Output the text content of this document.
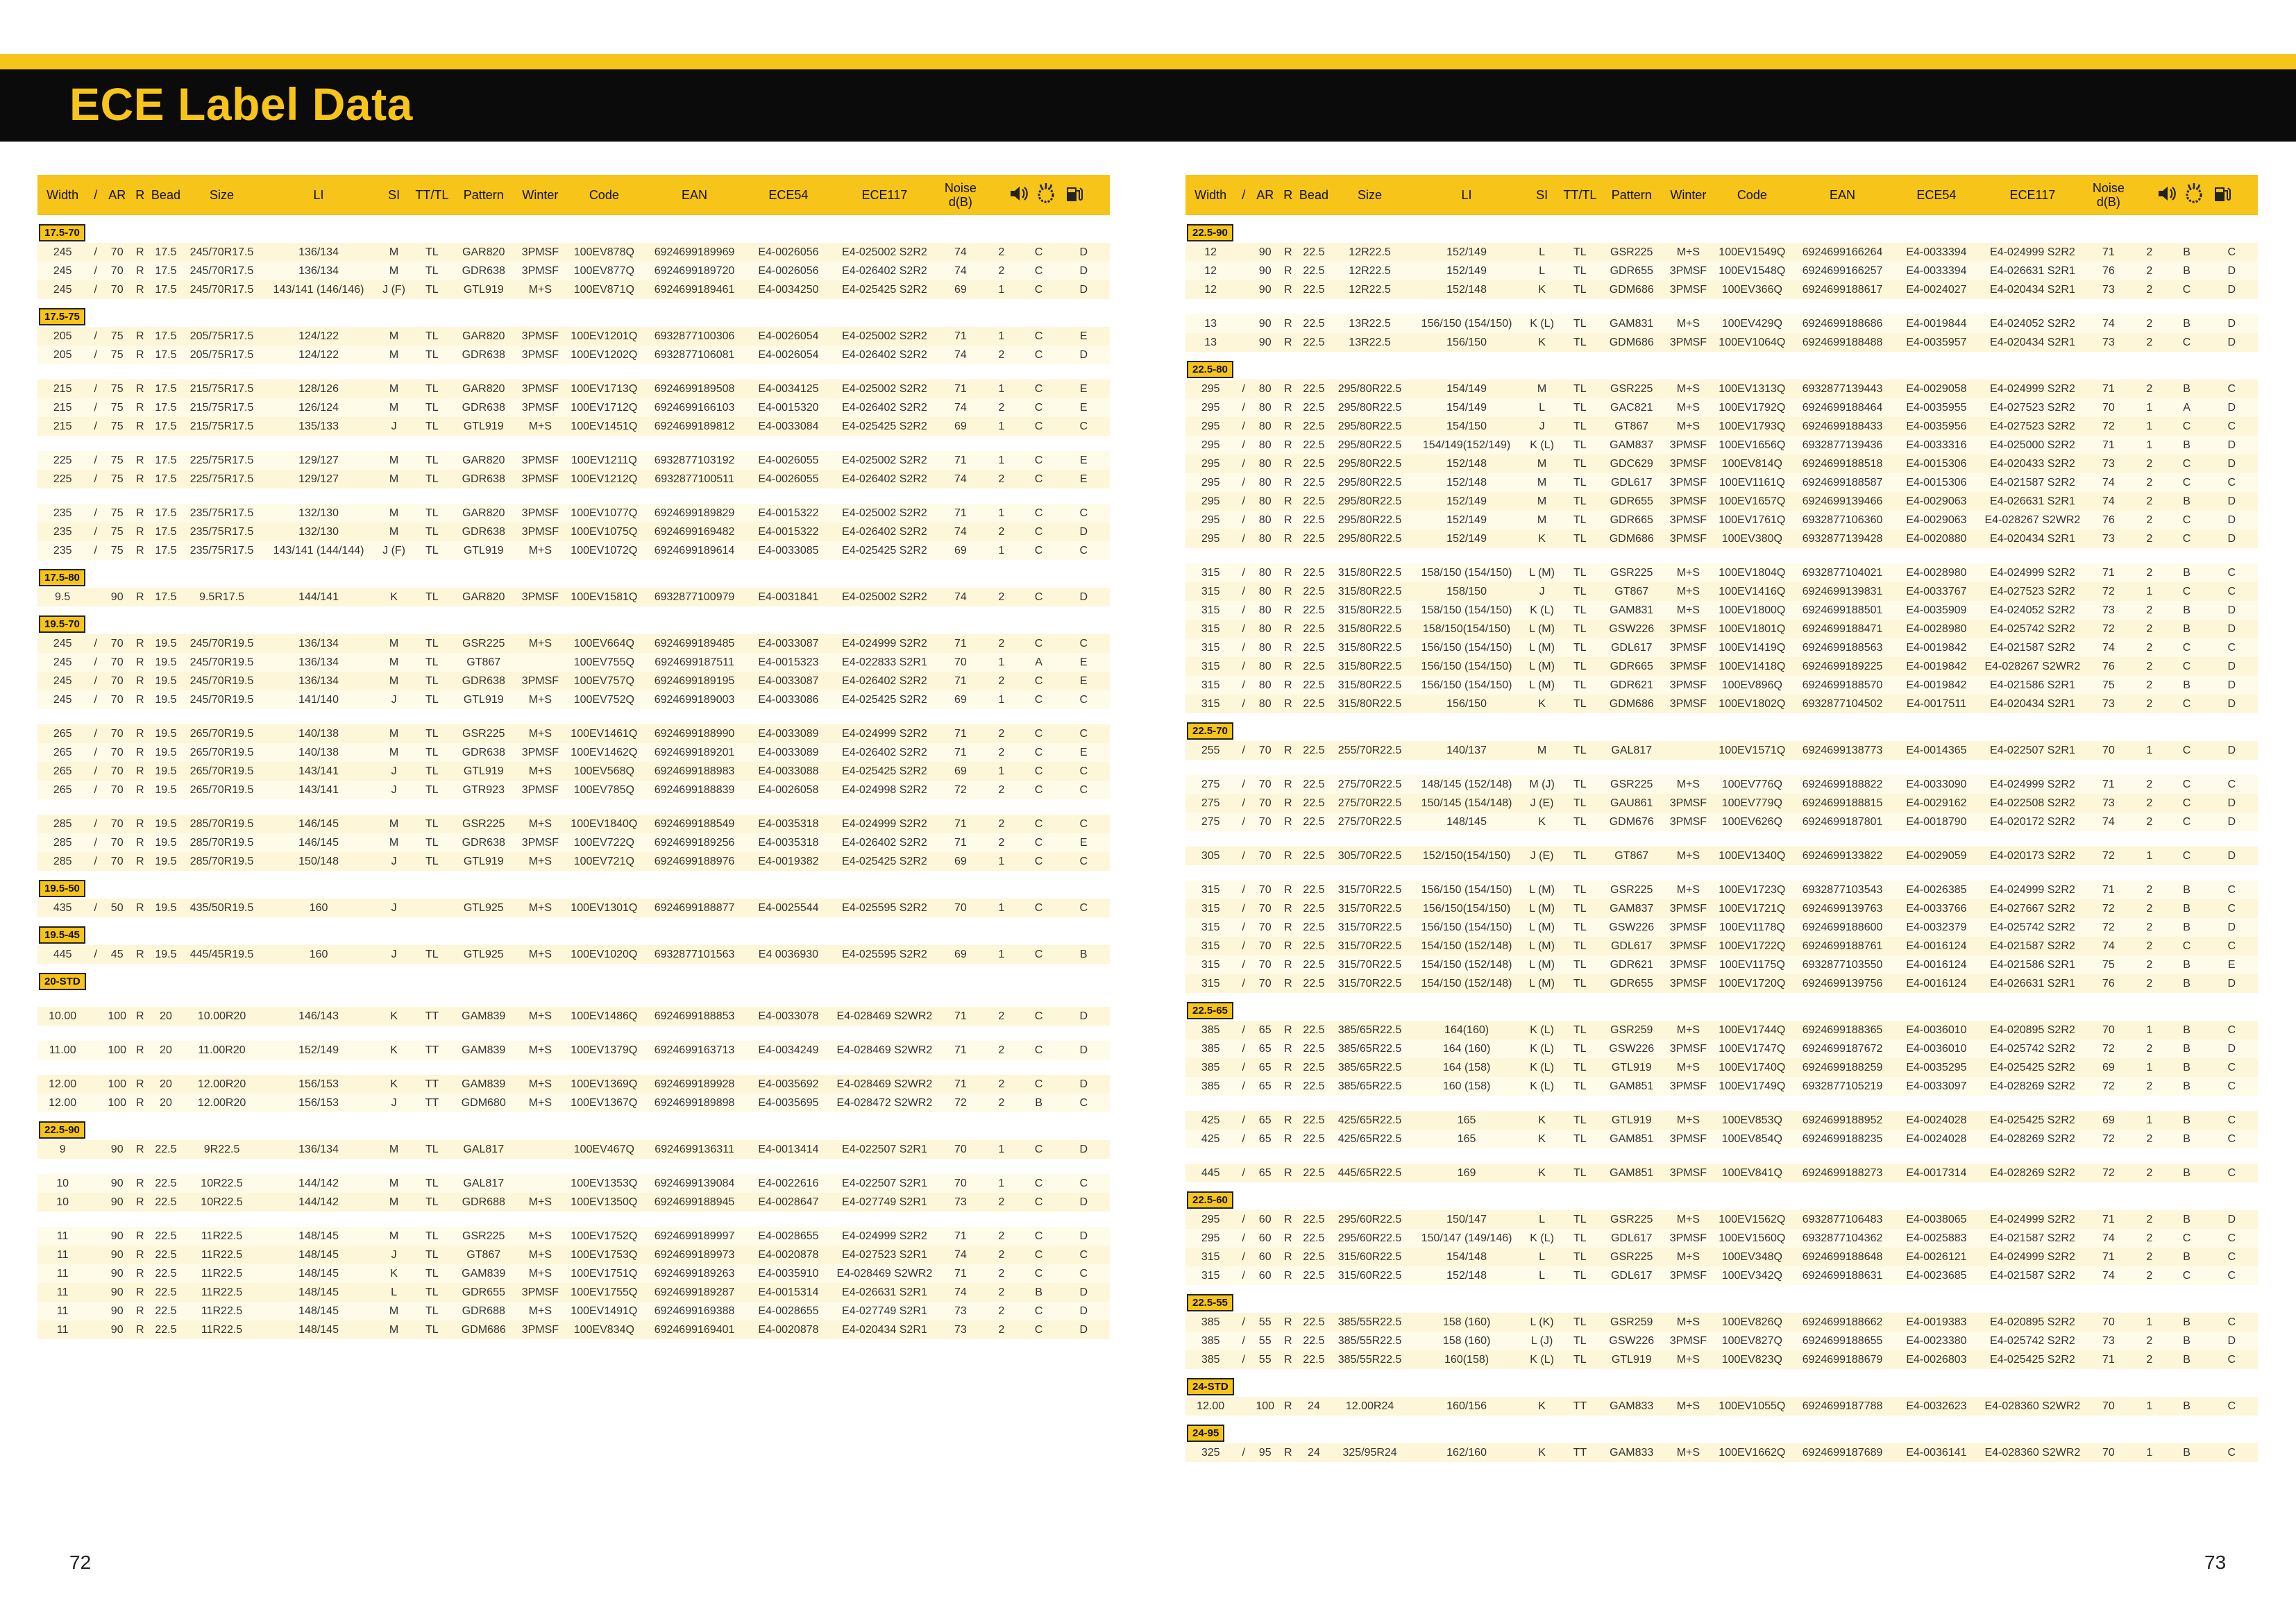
ECE Label Data
Width	/	AR	R	Bead	Size	LI	SI	TT/TL	Pattern	Winter	Code	EAN	ECE54	ECE117	Noise d(B)	

17.5-70																		
245	/	70	R	17.5	245/70R17.5	136/134	M	TL	GAR820	3PMSF	100EV878Q	6924699189969	E4-0026056	E4-025002 S2R2	74	2	C	D
245	/	70	R	17.5	245/70R17.5	136/134	M	TL	GDR638	3PMSF	100EV877Q	6924699189720	E4-0026056	E4-026402 S2R2	74	2	C	D
245	/	70	R	17.5	245/70R17.5	143/141 (146/146)	J (F)	TL	GTL919	M+S	100EV871Q	6924699189461	E4-0034250	E4-025425 S2R2	69	1	C	D
17.5-75																		
205	/	75	R	17.5	205/75R17.5	124/122	M	TL	GAR820	3PMSF	100EV1201Q	6932877100306	E4-0026054	E4-025002 S2R2	71	1	C	E
205	/	75	R	17.5	205/75R17.5	124/122	M	TL	GDR638	3PMSF	100EV1202Q	6932877106081	E4-0026054	E4-026402 S2R2	74	2	C	D

215	/	75	R	17.5	215/75R17.5	128/126	M	TL	GAR820	3PMSF	100EV1713Q	6924699189508	E4-0034125	E4-025002 S2R2	71	1	C	E
215	/	75	R	17.5	215/75R17.5	126/124	M	TL	GDR638	3PMSF	100EV1712Q	6924699166103	E4-0015320	E4-026402 S2R2	74	2	C	E
215	/	75	R	17.5	215/75R17.5	135/133	J	TL	GTL919	M+S	100EV1451Q	6924699189812	E4-0033084	E4-025425 S2R2	69	1	C	C

225	/	75	R	17.5	225/75R17.5	129/127	M	TL	GAR820	3PMSF	100EV1211Q	6932877103192	E4-0026055	E4-025002 S2R2	71	1	C	E
225	/	75	R	17.5	225/75R17.5	129/127	M	TL	GDR638	3PMSF	100EV1212Q	6932877100511	E4-0026055	E4-026402 S2R2	74	2	C	E

235	/	75	R	17.5	235/75R17.5	132/130	M	TL	GAR820	3PMSF	100EV1077Q	6924699189829	E4-0015322	E4-025002 S2R2	71	1	C	C
235	/	75	R	17.5	235/75R17.5	132/130	M	TL	GDR638	3PMSF	100EV1075Q	6924699169482	E4-0015322	E4-026402 S2R2	74	2	C	D
235	/	75	R	17.5	235/75R17.5	143/141 (144/144)	J (F)	TL	GTL919	M+S	100EV1072Q	6924699189614	E4-0033085	E4-025425 S2R2	69	1	C	C
17.5-80																		
9.5		90	R	17.5	9.5R17.5	144/141	K	TL	GAR820	3PMSF	100EV1581Q	6932877100979	E4-0031841	E4-025002 S2R2	74	2	C	D
19.5-70																		
245	/	70	R	19.5	245/70R19.5	136/134	M	TL	GSR225	M+S	100EV664Q	6924699189485	E4-0033087	E4-024999 S2R2	71	2	C	C
245	/	70	R	19.5	245/70R19.5	136/134	M	TL	GT867		100EV755Q	6924699187511	E4-0015323	E4-022833 S2R1	70	1	A	E
245	/	70	R	19.5	245/70R19.5	136/134	M	TL	GDR638	3PMSF	100EV757Q	6924699189195	E4-0033087	E4-026402 S2R2	71	2	C	E
245	/	70	R	19.5	245/70R19.5	141/140	J	TL	GTL919	M+S	100EV752Q	6924699189003	E4-0033086	E4-025425 S2R2	69	1	C	C

265	/	70	R	19.5	265/70R19.5	140/138	M	TL	GSR225	M+S	100EV1461Q	6924699188990	E4-0033089	E4-024999 S2R2	71	2	C	C
265	/	70	R	19.5	265/70R19.5	140/138	M	TL	GDR638	3PMSF	100EV1462Q	6924699189201	E4-0033089	E4-026402 S2R2	71	2	C	E
265	/	70	R	19.5	265/70R19.5	143/141	J	TL	GTL919	M+S	100EV568Q	6924699188983	E4-0033088	E4-025425 S2R2	69	1	C	C
265	/	70	R	19.5	265/70R19.5	143/141	J	TL	GTR923	3PMSF	100EV785Q	6924699188839	E4-0026058	E4-024998 S2R2	72	2	C	C

285	/	70	R	19.5	285/70R19.5	146/145	M	TL	GSR225	M+S	100EV1840Q	6924699188549	E4-0035318	E4-024999 S2R2	71	2	C	C
285	/	70	R	19.5	285/70R19.5	146/145	M	TL	GDR638	3PMSF	100EV722Q	6924699189256	E4-0035318	E4-026402 S2R2	71	2	C	E
285	/	70	R	19.5	285/70R19.5	150/148	J	TL	GTL919	M+S	100EV721Q	6924699188976	E4-0019382	E4-025425 S2R2	69	1	C	C
19.5-50																		
435	/	50	R	19.5	435/50R19.5	160	J		GTL925	M+S	100EV1301Q	6924699188877	E4-0025544	E4-025595 S2R2	70	1	C	C
19.5-45																		
445	/	45	R	19.5	445/45R19.5	160	J	TL	GTL925	M+S	100EV1020Q	6932877101563	E4 0036930	E4-025595 S2R2	69	1	C	B
20-STD																		

10.00		100	R	20	10.00R20	146/143	K	TT	GAM839	M+S	100EV1486Q	6924699188853	E4-0033078	E4-028469 S2WR2	71	2	C	D

11.00		100	R	20	11.00R20	152/149	K	TT	GAM839	M+S	100EV1379Q	6924699163713	E4-0034249	E4-028469 S2WR2	71	2	C	D

12.00		100	R	20	12.00R20	156/153	K	TT	GAM839	M+S	100EV1369Q	6924699189928	E4-0035692	E4-028469 S2WR2	71	2	C	D
12.00		100	R	20	12.00R20	156/153	J	TT	GDM680	M+S	100EV1367Q	6924699189898	E4-0035695	E4-028472 S2WR2	72	2	B	C
22.5-90																		
9		90	R	22.5	9R22.5	136/134	M	TL	GAL817		100EV467Q	6924699136311	E4-0013414	E4-022507 S2R1	70	1	C	D

10		90	R	22.5	10R22.5	144/142	M	TL	GAL817		100EV1353Q	6924699139084	E4-0022616	E4-022507 S2R1	70	1	C	C
10		90	R	22.5	10R22.5	144/142	M	TL	GDR688	M+S	100EV1350Q	6924699188945	E4-0028647	E4-027749 S2R1	73	2	C	D

11		90	R	22.5	11R22.5	148/145	M	TL	GSR225	M+S	100EV1752Q	6924699189997	E4-0028655	E4-024999 S2R2	71	2	C	D
11		90	R	22.5	11R22.5	148/145	J	TL	GT867	M+S	100EV1753Q	6924699189973	E4-0020878	E4-027523 S2R1	74	2	C	C
11		90	R	22.5	11R22.5	148/145	K	TL	GAM839	M+S	100EV1751Q	6924699189263	E4-0035910	E4-028469 S2WR2	71	2	C	C
11		90	R	22.5	11R22.5	148/145	L	TL	GDR655	3PMSF	100EV1755Q	6924699189287	E4-0015314	E4-026631 S2R1	74	2	B	D
11		90	R	22.5	11R22.5	148/145	M	TL	GDR688	M+S	100EV1491Q	6924699169388	E4-0028655	E4-027749 S2R1	73	2	C	D
11		90	R	22.5	11R22.5	148/145	M	TL	GDM686	3PMSF	100EV834Q	6924699169401	E4-0020878	E4-020434 S2R1	73	2	C	D
Width	/	AR	R	Bead	Size	LI	SI	TT/TL	Pattern	Winter	Code	EAN	ECE54	ECE117	Noise d(B)	

22.5-90																		
12		90	R	22.5	12R22.5	152/149	L	TL	GSR225	M+S	100EV1549Q	6924699166264	E4-0033394	E4-024999 S2R2	71	2	B	C
12		90	R	22.5	12R22.5	152/149	L	TL	GDR655	3PMSF	100EV1548Q	6924699166257	E4-0033394	E4-026631 S2R1	76	2	B	D
12		90	R	22.5	12R22.5	152/148	K	TL	GDM686	3PMSF	100EV366Q	6924699188617	E4-0024027	E4-020434 S2R1	73	2	C	D

13		90	R	22.5	13R22.5	156/150 (154/150)	K (L)	TL	GAM831	M+S	100EV429Q	6924699188686	E4-0019844	E4-024052 S2R2	74	2	B	D
13		90	R	22.5	13R22.5	156/150	K	TL	GDM686	3PMSF	100EV1064Q	6924699188488	E4-0035957	E4-020434 S2R1	73	2	C	D
22.5-80																		
295	/	80	R	22.5	295/80R22.5	154/149	M	TL	GSR225	M+S	100EV1313Q	6932877139443	E4-0029058	E4-024999 S2R2	71	2	B	C
295	/	80	R	22.5	295/80R22.5	154/149	L	TL	GAC821	M+S	100EV1792Q	6924699188464	E4-0035955	E4-027523 S2R2	70	1	A	D
295	/	80	R	22.5	295/80R22.5	154/150	J	TL	GT867	M+S	100EV1793Q	6924699188433	E4-0035956	E4-027523 S2R2	72	1	C	C
295	/	80	R	22.5	295/80R22.5	154/149(152/149)	K (L)	TL	GAM837	3PMSF	100EV1656Q	6932877139436	E4-0033316	E4-025000 S2R2	71	1	B	D
295	/	80	R	22.5	295/80R22.5	152/148	M	TL	GDC629	3PMSF	100EV814Q	6924699188518	E4-0015306	E4-020433 S2R2	73	2	C	D
295	/	80	R	22.5	295/80R22.5	152/148	M	TL	GDL617	3PMSF	100EV1161Q	6924699188587	E4-0015306	E4-021587 S2R2	74	2	C	C
295	/	80	R	22.5	295/80R22.5	152/149	M	TL	GDR655	3PMSF	100EV1657Q	6924699139466	E4-0029063	E4-026631 S2R1	74	2	B	D
295	/	80	R	22.5	295/80R22.5	152/149	M	TL	GDR665	3PMSF	100EV1761Q	6932877106360	E4-0029063	E4-028267 S2WR2	76	2	C	D
295	/	80	R	22.5	295/80R22.5	152/149	K	TL	GDM686	3PMSF	100EV380Q	6932877139428	E4-0020880	E4-020434 S2R1	73	2	C	D

315	/	80	R	22.5	315/80R22.5	158/150 (154/150)	L (M)	TL	GSR225	M+S	100EV1804Q	6932877104021	E4-0028980	E4-024999 S2R2	71	2	B	C
315	/	80	R	22.5	315/80R22.5	158/150	J	TL	GT867	M+S	100EV1416Q	6924699139831	E4-0033767	E4-027523 S2R2	72	1	C	C
315	/	80	R	22.5	315/80R22.5	158/150 (154/150)	K (L)	TL	GAM831	M+S	100EV1800Q	6924699188501	E4-0035909	E4-024052 S2R2	73	2	B	D
315	/	80	R	22.5	315/80R22.5	158/150(154/150)	L (M)	TL	GSW226	3PMSF	100EV1801Q	6924699188471	E4-0028980	E4-025742 S2R2	72	2	B	D
315	/	80	R	22.5	315/80R22.5	156/150 (154/150)	L (M)	TL	GDL617	3PMSF	100EV1419Q	6924699188563	E4-0019842	E4-021587 S2R2	74	2	C	C
315	/	80	R	22.5	315/80R22.5	156/150 (154/150)	L (M)	TL	GDR665	3PMSF	100EV1418Q	6924699189225	E4-0019842	E4-028267 S2WR2	76	2	C	D
315	/	80	R	22.5	315/80R22.5	156/150 (154/150)	L (M)	TL	GDR621	3PMSF	100EV896Q	6924699188570	E4-0019842	E4-021586 S2R1	75	2	B	D
315	/	80	R	22.5	315/80R22.5	156/150	K	TL	GDM686	3PMSF	100EV1802Q	6932877104502	E4-0017511	E4-020434 S2R1	73	2	C	D
22.5-70																		
255	/	70	R	22.5	255/70R22.5	140/137	M	TL	GAL817		100EV1571Q	6924699138773	E4-0014365	E4-022507 S2R1	70	1	C	D

275	/	70	R	22.5	275/70R22.5	148/145 (152/148)	M (J)	TL	GSR225	M+S	100EV776Q	6924699188822	E4-0033090	E4-024999 S2R2	71	2	C	C
275	/	70	R	22.5	275/70R22.5	150/145 (154/148)	J (E)	TL	GAU861	3PMSF	100EV779Q	6924699188815	E4-0029162	E4-022508 S2R2	73	2	C	D
275	/	70	R	22.5	275/70R22.5	148/145	K	TL	GDM676	3PMSF	100EV626Q	6924699187801	E4-0018790	E4-020172 S2R2	74	2	C	D

305	/	70	R	22.5	305/70R22.5	152/150(154/150)	J (E)	TL	GT867	M+S	100EV1340Q	6924699133822	E4-0029059	E4-020173 S2R2	72	1	C	D

315	/	70	R	22.5	315/70R22.5	156/150 (154/150)	L (M)	TL	GSR225	M+S	100EV1723Q	6932877103543	E4-0026385	E4-024999 S2R2	71	2	B	C
315	/	70	R	22.5	315/70R22.5	156/150(154/150)	L (M)	TL	GAM837	3PMSF	100EV1721Q	6924699139763	E4-0033766	E4-027667 S2R2	72	2	B	C
315	/	70	R	22.5	315/70R22.5	156/150 (154/150)	L (M)	TL	GSW226	3PMSF	100EV1178Q	6924699188600	E4-0032379	E4-025742 S2R2	72	2	B	D
315	/	70	R	22.5	315/70R22.5	154/150 (152/148)	L (M)	TL	GDL617	3PMSF	100EV1722Q	6924699188761	E4-0016124	E4-021587 S2R2	74	2	C	C
315	/	70	R	22.5	315/70R22.5	154/150 (152/148)	L (M)	TL	GDR621	3PMSF	100EV1175Q	6932877103550	E4-0016124	E4-021586 S2R1	75	2	B	E
315	/	70	R	22.5	315/70R22.5	154/150 (152/148)	L (M)	TL	GDR655	3PMSF	100EV1720Q	6924699139756	E4-0016124	E4-026631 S2R1	76	2	B	D
22.5-65																		
385	/	65	R	22.5	385/65R22.5	164(160)	K (L)	TL	GSR259	M+S	100EV1744Q	6924699188365	E4-0036010	E4-020895 S2R2	70	1	B	C
385	/	65	R	22.5	385/65R22.5	164 (160)	K (L)	TL	GSW226	3PMSF	100EV1747Q	6924699187672	E4-0036010	E4-025742 S2R2	72	2	B	D
385	/	65	R	22.5	385/65R22.5	164 (158)	K (L)	TL	GTL919	M+S	100EV1740Q	6924699188259	E4-0035295	E4-025425 S2R2	69	1	B	C
385	/	65	R	22.5	385/65R22.5	160 (158)	K (L)	TL	GAM851	3PMSF	100EV1749Q	6932877105219	E4-0033097	E4-028269 S2R2	72	2	B	C

425	/	65	R	22.5	425/65R22.5	165	K	TL	GTL919	M+S	100EV853Q	6924699188952	E4-0024028	E4-025425 S2R2	69	1	B	C
425	/	65	R	22.5	425/65R22.5	165	K	TL	GAM851	3PMSF	100EV854Q	6924699188235	E4-0024028	E4-028269 S2R2	72	2	B	C

445	/	65	R	22.5	445/65R22.5	169	K	TL	GAM851	3PMSF	100EV841Q	6924699188273	E4-0017314	E4-028269 S2R2	72	2	B	C
22.5-60																		
295	/	60	R	22.5	295/60R22.5	150/147	L	TL	GSR225	M+S	100EV1562Q	6932877106483	E4-0038065	E4-024999 S2R2	71	2	B	D
295	/	60	R	22.5	295/60R22.5	150/147 (149/146)	K (L)	TL	GDL617	3PMSF	100EV1560Q	6932877104362	E4-0025883	E4-021587 S2R2	74	2	C	C
315	/	60	R	22.5	315/60R22.5	154/148	L	TL	GSR225	M+S	100EV348Q	6924699188648	E4-0026121	E4-024999 S2R2	71	2	B	C
315	/	60	R	22.5	315/60R22.5	152/148	L	TL	GDL617	3PMSF	100EV342Q	6924699188631	E4-0023685	E4-021587 S2R2	74	2	C	C
22.5-55																		
385	/	55	R	22.5	385/55R22.5	158 (160)	L (K)	TL	GSR259	M+S	100EV826Q	6924699188662	E4-0019383	E4-020895 S2R2	70	1	B	C
385	/	55	R	22.5	385/55R22.5	158 (160)	L (J)	TL	GSW226	3PMSF	100EV827Q	6924699188655	E4-0023380	E4-025742 S2R2	73	2	B	D
385	/	55	R	22.5	385/55R22.5	160(158)	K (L)	TL	GTL919	M+S	100EV823Q	6924699188679	E4-0026803	E4-025425 S2R2	71	2	B	C
24-STD																		
12.00		100	R	24	12.00R24	160/156	K	TT	GAM833	M+S	100EV1055Q	6924699187788	E4-0032623	E4-028360 S2WR2	70	1	B	C
24-95																		
325	/	95	R	24	325/95R24	162/160	K	TT	GAM833	M+S	100EV1662Q	6924699187689	E4-0036141	E4-028360 S2WR2	70	1	B	C
72	73
